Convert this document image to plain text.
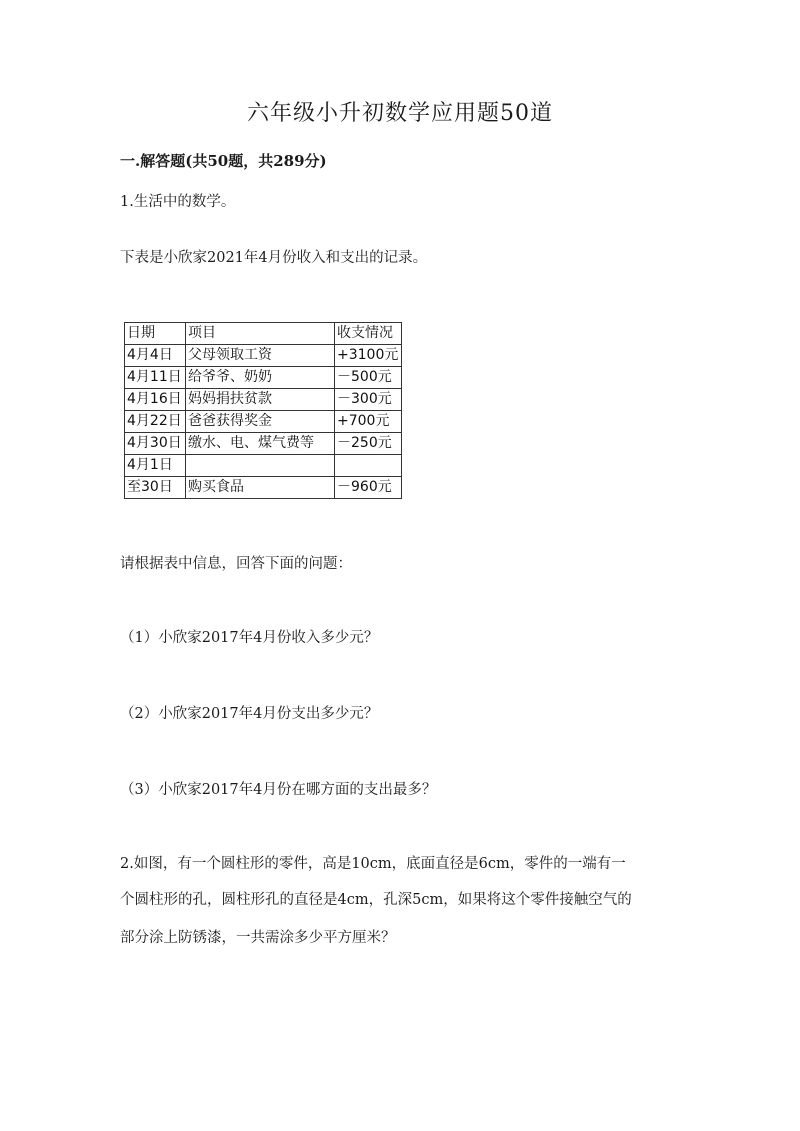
六年级小升初数学应用题50道

一.解答题(共50题，共289分)

1.生活中的数学。

下表是小欣家2021年4月份收入和支出的记录。

日期	项目	收支情况
4月4日	父母领取工资	+3100元
4月11日	给爷爷、奶奶	－500元
4月16日	妈妈捐扶贫款	－300元
4月22日	爸爸获得奖金	+700元
4月30日	缴水、电、煤气费等	－250元
4月1日		
至30日	购买食品	－960元

请根据表中信息，回答下面的问题：

（1）小欣家2017年4月份收入多少元？

（2）小欣家2017年4月份支出多少元？

（3）小欣家2017年4月份在哪方面的支出最多？

2.如图，有一个圆柱形的零件，高是10cm，底面直径是6cm，零件的一端有一

个圆柱形的孔，圆柱形孔的直径是4cm，孔深5cm，如果将这个零件接触空气的

部分涂上防锈漆，一共需涂多少平方厘米？
